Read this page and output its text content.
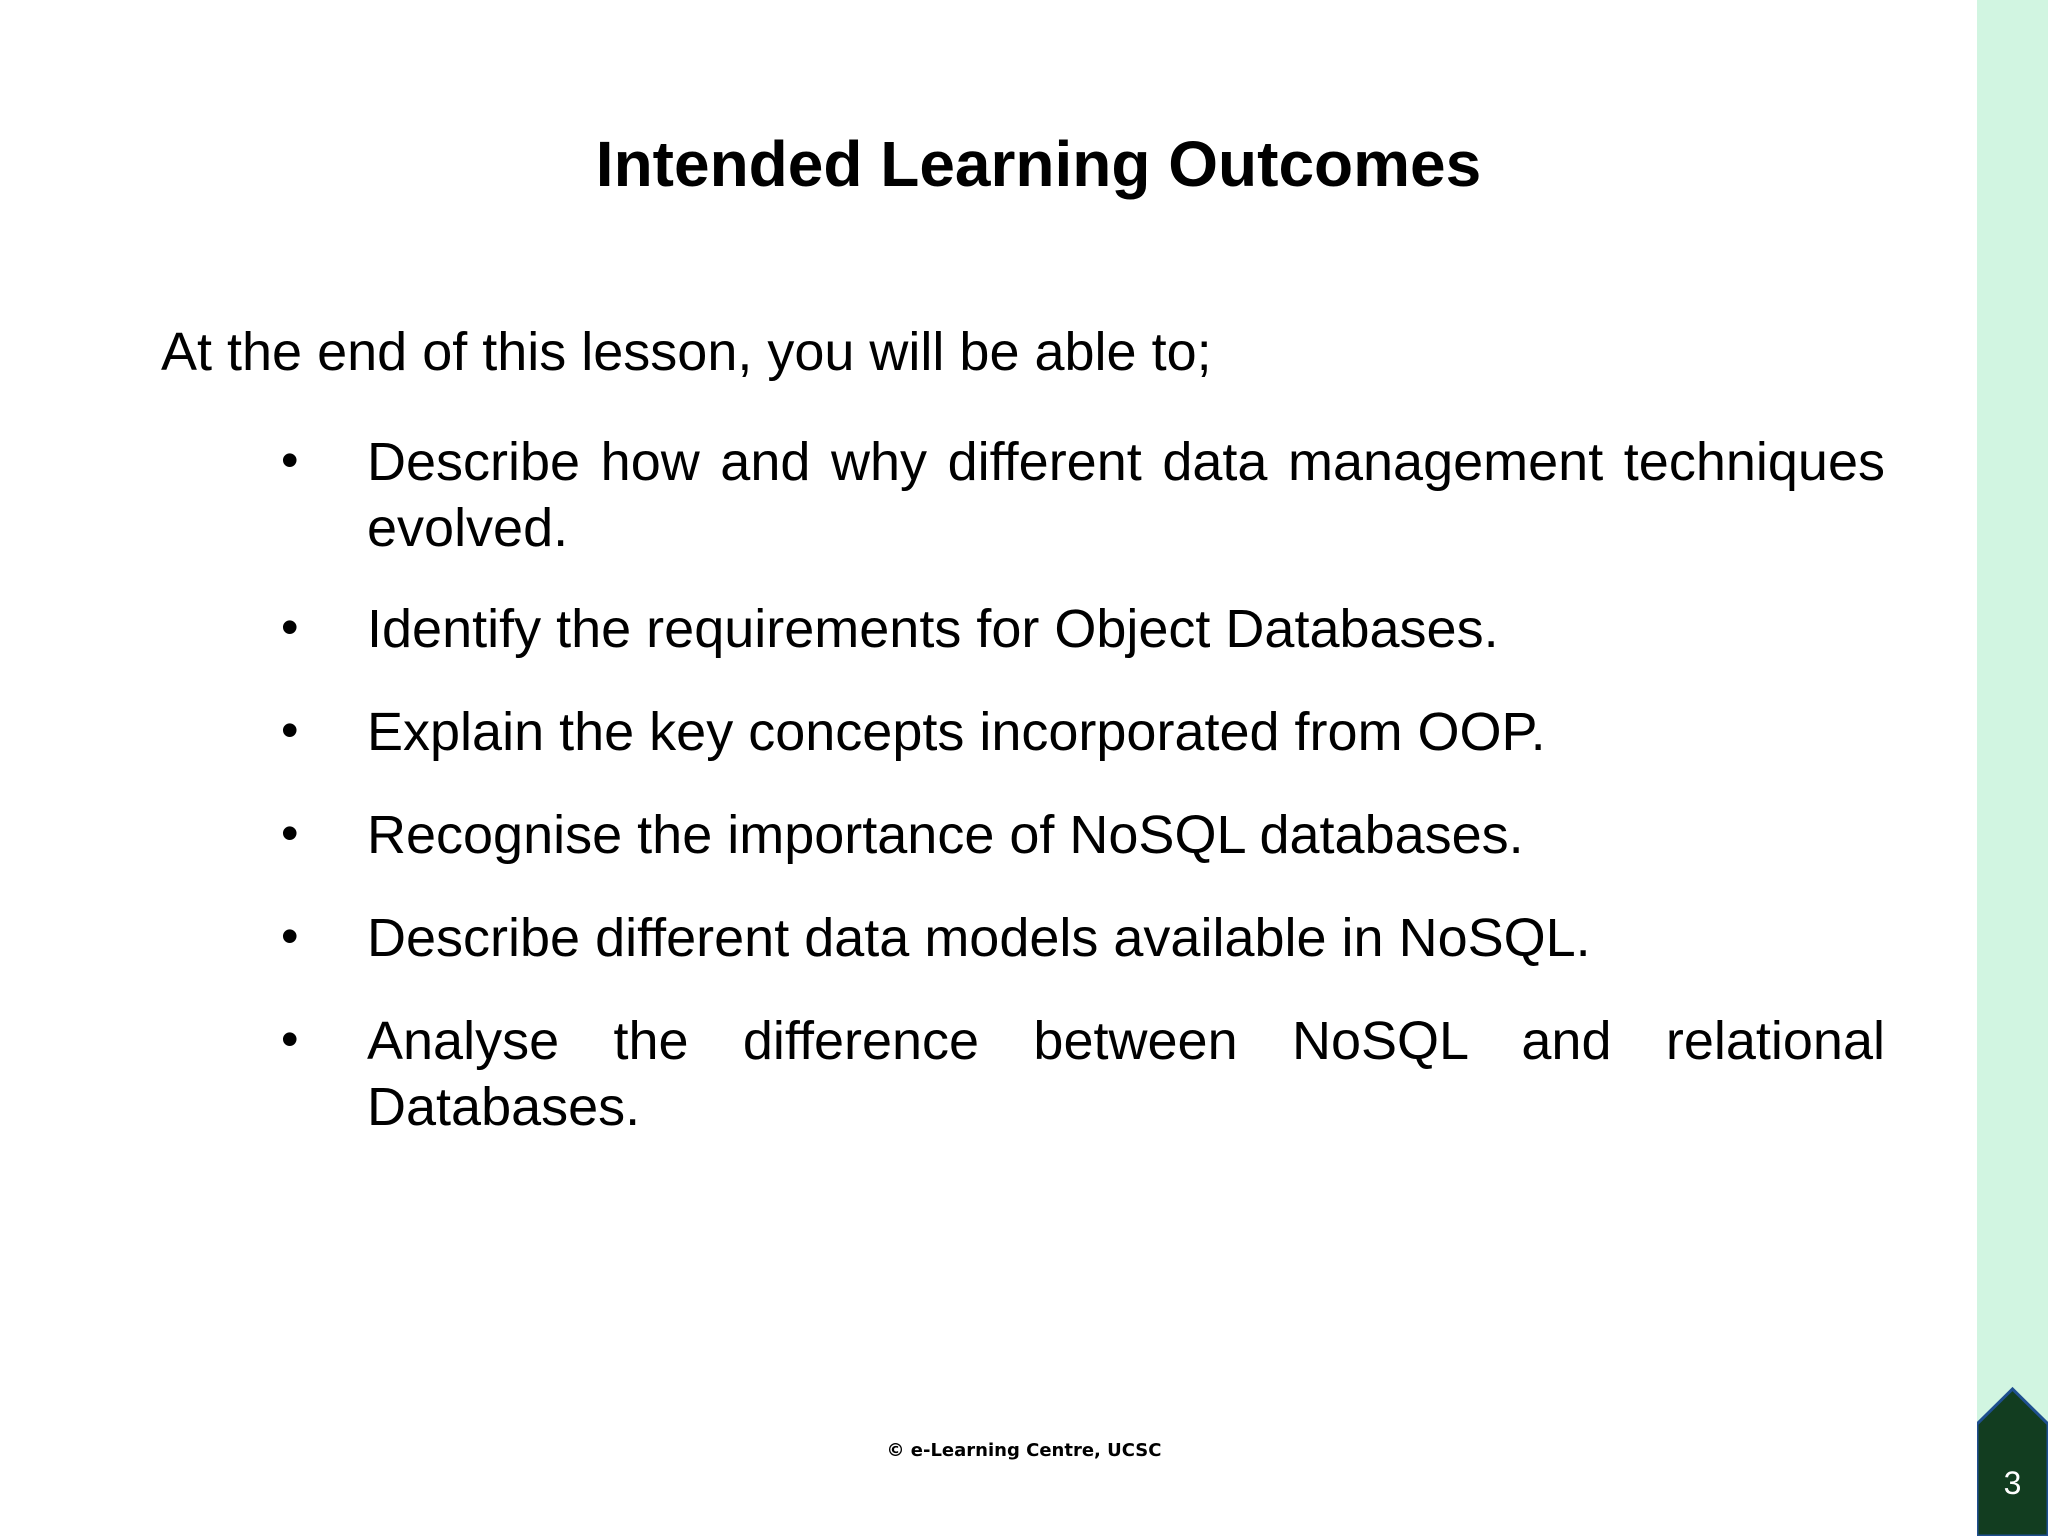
3
Intended Learning Outcomes
At the end of this lesson, you will be able to;
• Describe how and why different data management techniques evolved.
• Identify the requirements for Object Databases.
• Explain the key concepts incorporated from OOP.
• Recognise the importance of NoSQL databases.
• Describe different data models available in NoSQL.
• Analyse the difference between NoSQL and relational Databases.
© e-Learning Centre, UCSC
